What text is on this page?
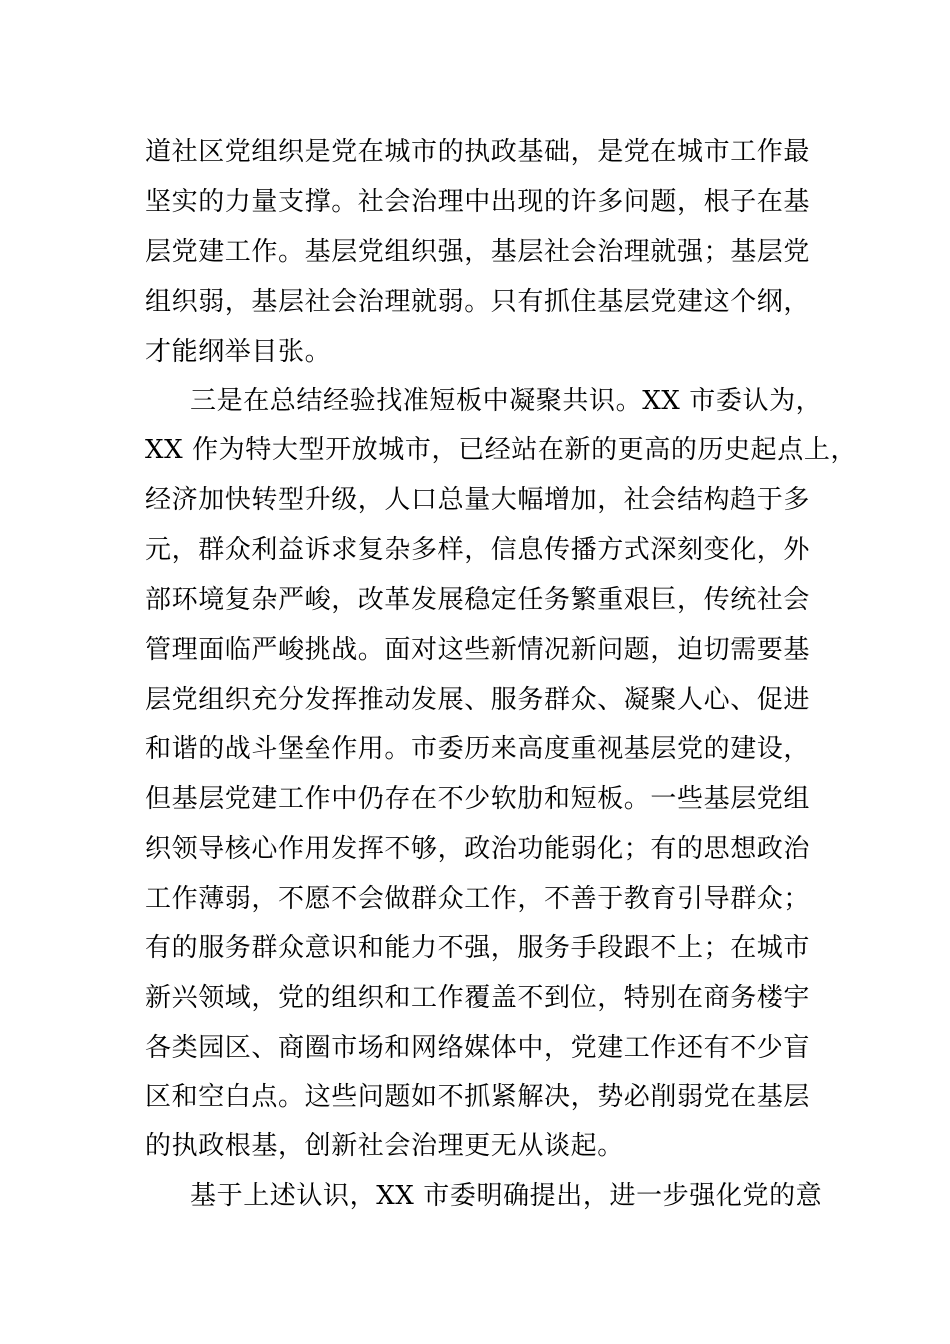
道社区党组织是党在城市的执政基础，是党在城市工作最
坚实的力量支撑。社会治理中出现的许多问题，根子在基
层党建工作。基层党组织强，基层社会治理就强；基层党
组织弱，基层社会治理就弱。只有抓住基层党建这个纲，
才能纲举目张。
三是在总结经验找准短板中凝聚共识。XX 市委认为，
XX 作为特大型开放城市，已经站在新的更高的历史起点上，
经济加快转型升级，人口总量大幅增加，社会结构趋于多
元，群众利益诉求复杂多样，信息传播方式深刻变化，外
部环境复杂严峻，改革发展稳定任务繁重艰巨，传统社会
管理面临严峻挑战。面对这些新情况新问题，迫切需要基
层党组织充分发挥推动发展、服务群众、凝聚人心、促进
和谐的战斗堡垒作用。市委历来高度重视基层党的建设，
但基层党建工作中仍存在不少软肋和短板。一些基层党组
织领导核心作用发挥不够，政治功能弱化；有的思想政治
工作薄弱，不愿不会做群众工作，不善于教育引导群众；
有的服务群众意识和能力不强，服务手段跟不上；在城市
新兴领域，党的组织和工作覆盖不到位，特别在商务楼宇
各类园区、商圈市场和网络媒体中，党建工作还有不少盲
区和空白点。这些问题如不抓紧解决，势必削弱党在基层
的执政根基，创新社会治理更无从谈起。
基于上述认识，XX 市委明确提出，进一步强化党的意
